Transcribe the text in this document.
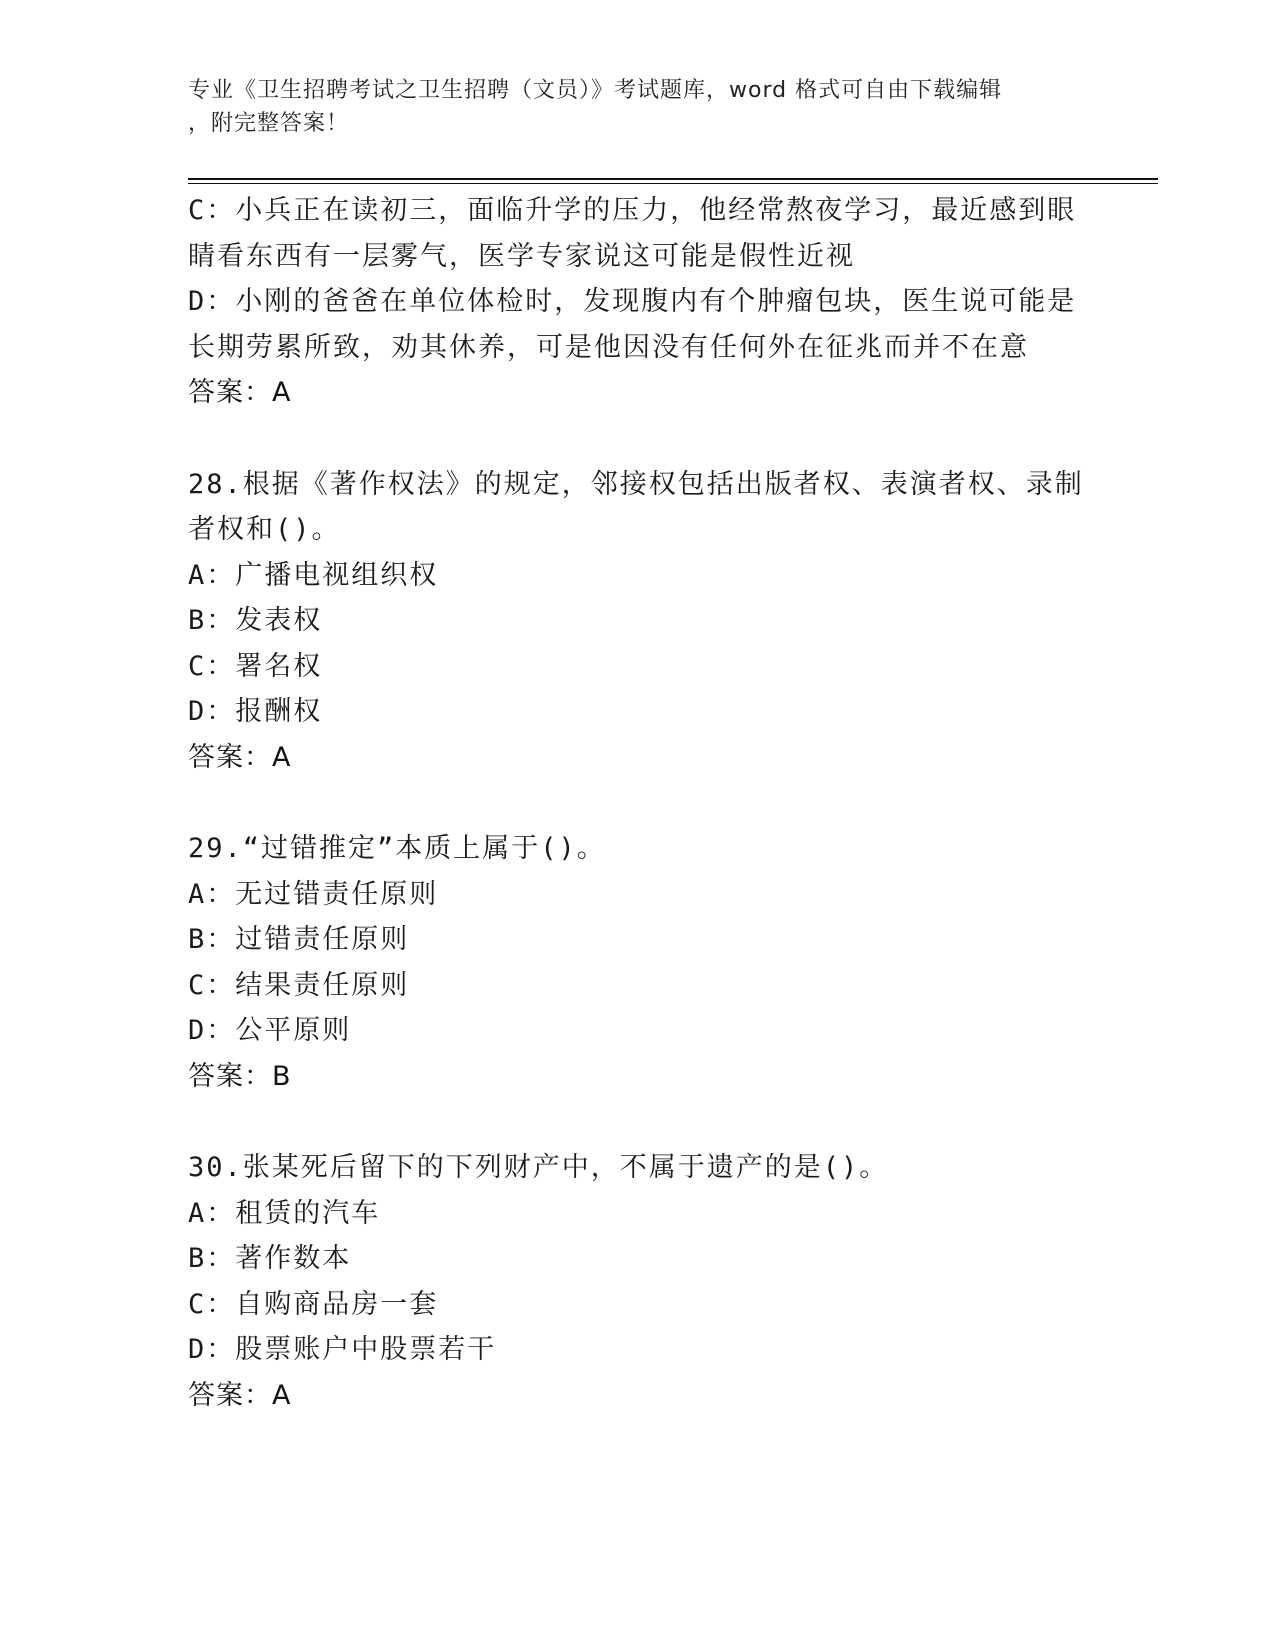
专业《卫生招聘考试之卫生招聘（文员）》考试题库，word 格式可自由下载编辑
，附完整答案！
C：小兵正在读初三，面临升学的压力，他经常熬夜学习，最近感到眼
睛看东西有一层雾气，医学专家说这可能是假性近视
D：小刚的爸爸在单位体检时，发现腹内有个肿瘤包块，医生说可能是
长期劳累所致，劝其休养，可是他因没有任何外在征兆而并不在意
答案：A
28.根据《著作权法》的规定，邻接权包括出版者权、表演者权、录制
者权和()。
A：广播电视组织权
B：发表权
C：署名权
D：报酬权
答案：A
29.“过错推定”本质上属于()。
A：无过错责任原则
B：过错责任原则
C：结果责任原则
D：公平原则
答案：B
30.张某死后留下的下列财产中，不属于遗产的是()。
A：租赁的汽车
B：著作数本
C：自购商品房一套
D：股票账户中股票若干
答案：A
